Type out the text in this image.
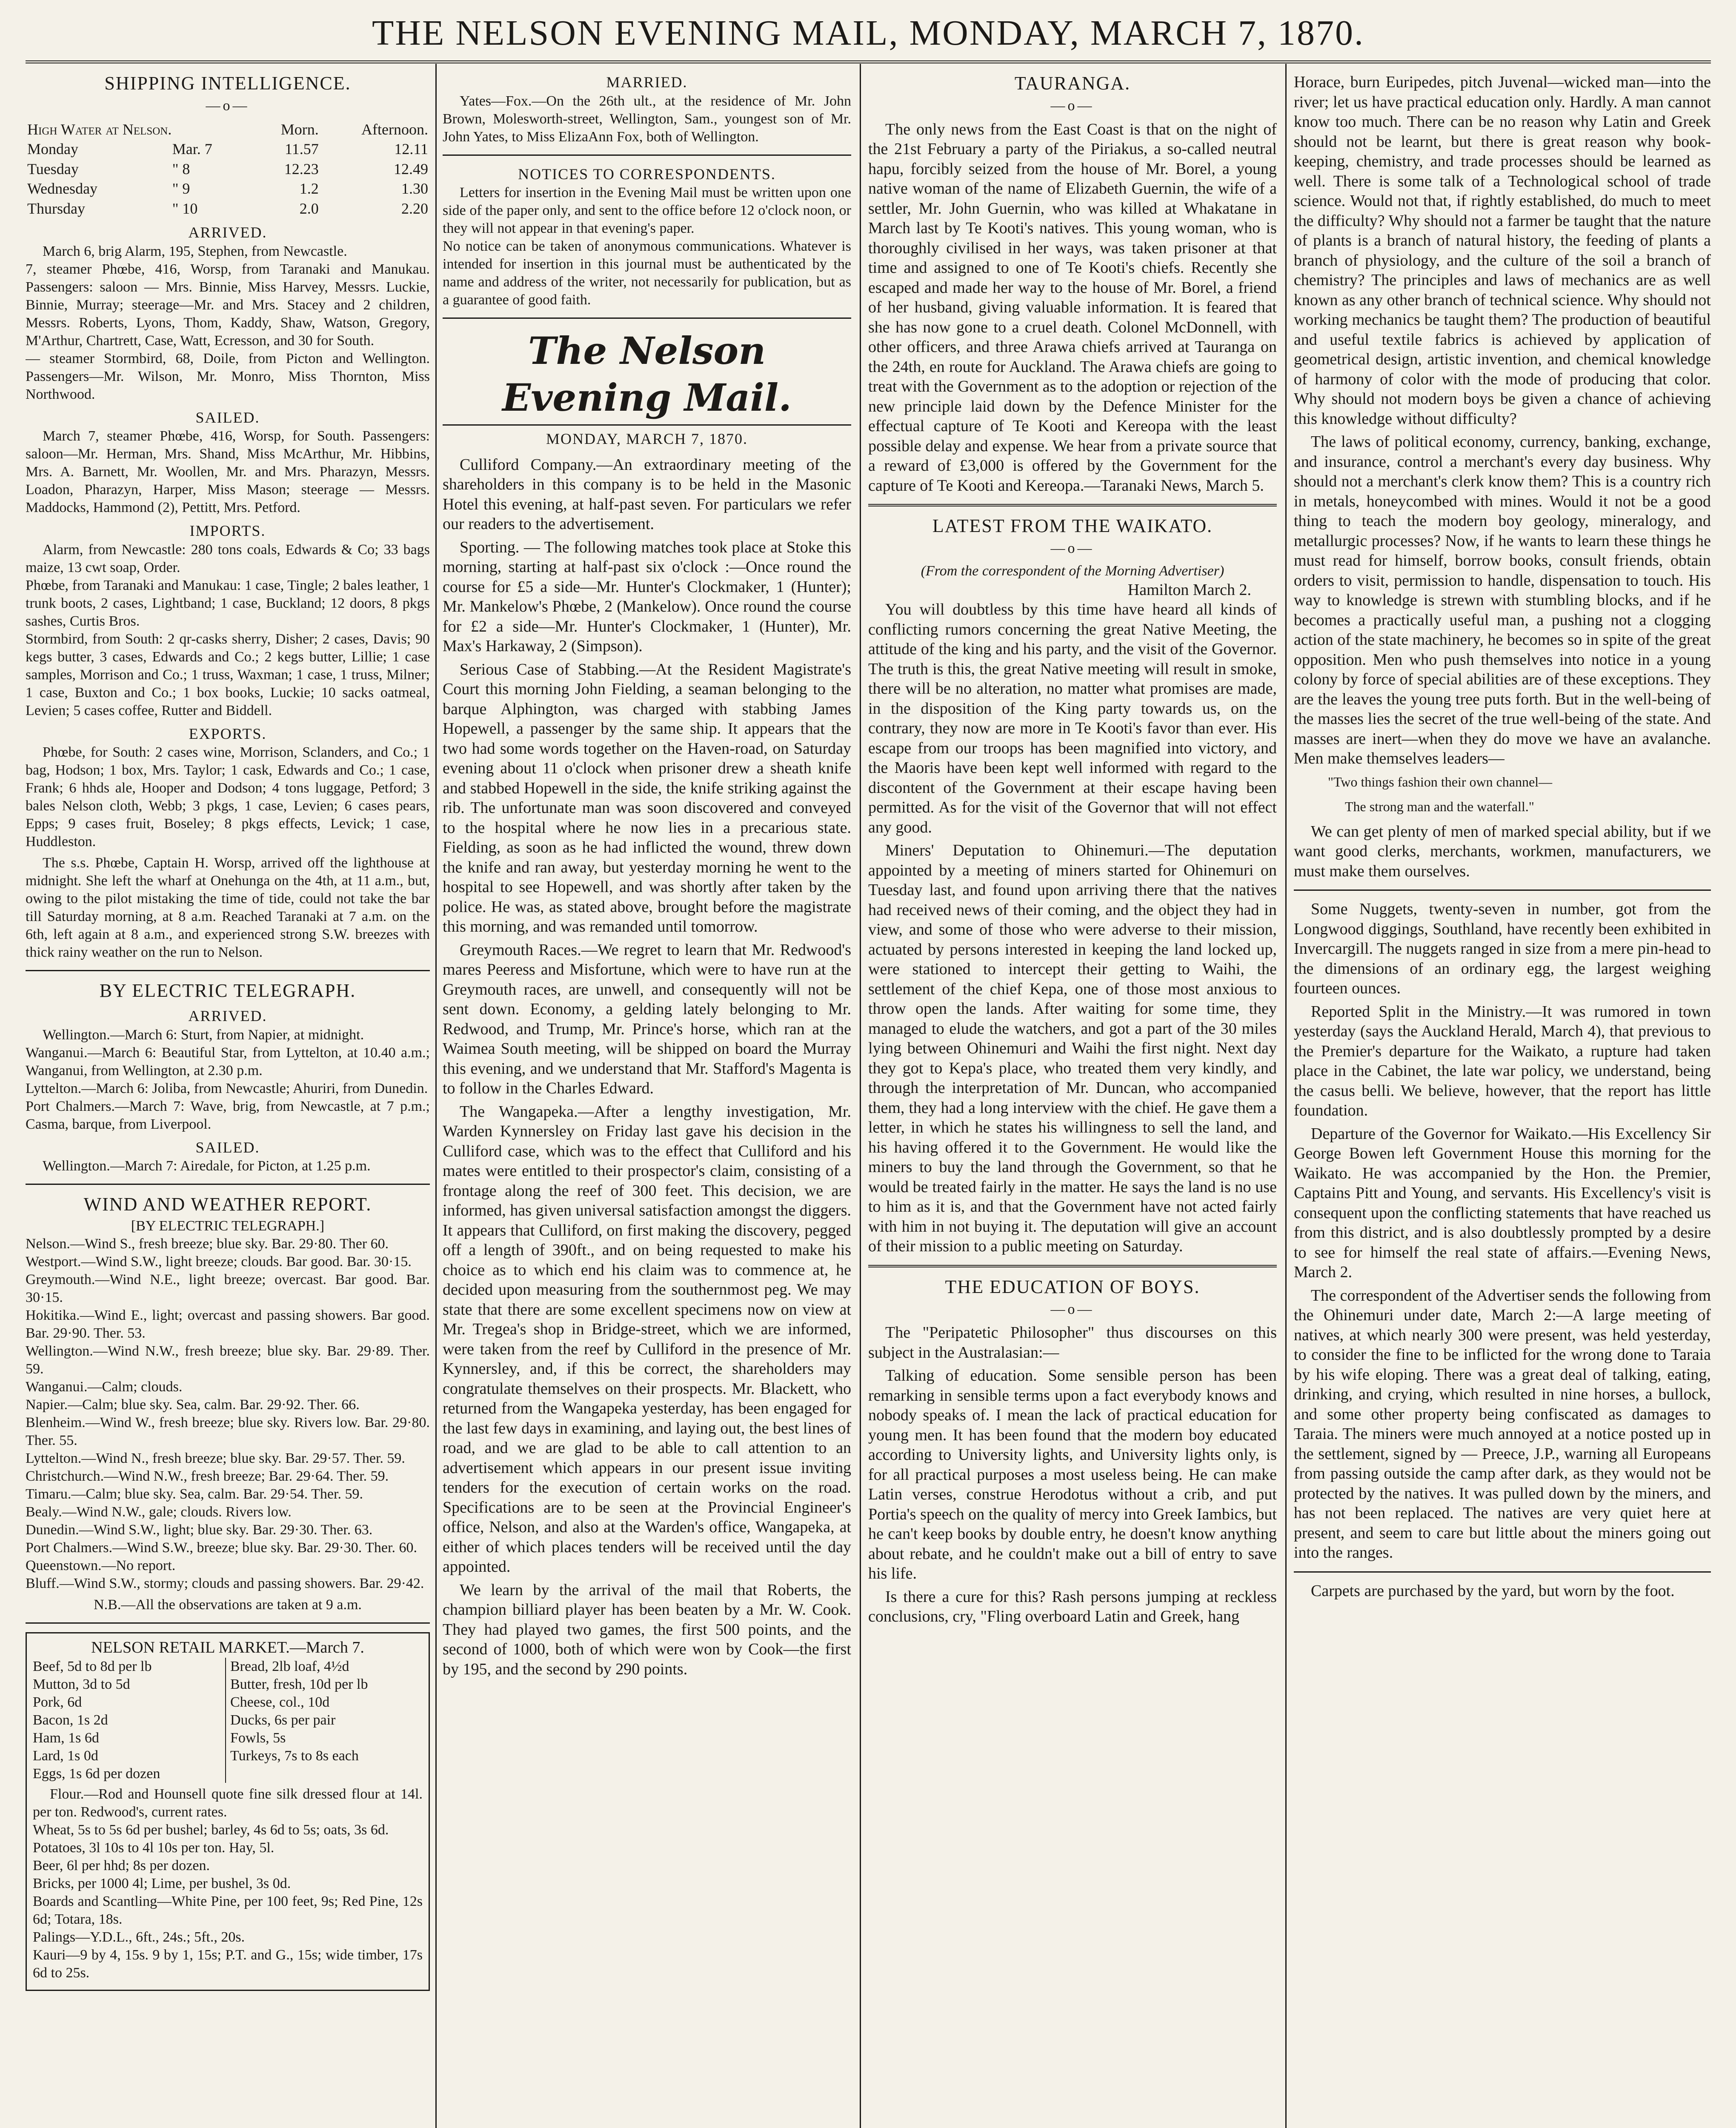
THE NELSON EVENING MAIL, MONDAY, MARCH 7, 1870.
SHIPPING INTELLIGENCE.
—o—
High Water at Nelson.		Morn.	Afternoon.
Monday	Mar. 7	11.57	12.11
Tuesday	" 8	12.23	12.49
Wednesday	" 9	1.2	1.30
Thursday	" 10	2.0	2.20
ARRIVED.

March 6, brig Alarm, 195, Stephen, from Newcastle.
7, steamer Phœbe, 416, Worsp, from Taranaki and Manukau. Passengers: saloon — Mrs. Binnie, Miss Harvey, Messrs. Luckie, Binnie, Murray; steerage—Mr. and Mrs. Stacey and 2 children, Messrs. Roberts, Lyons, Thom, Kaddy, Shaw, Watson, Gregory, M'Arthur, Chartrett, Case, Watt, Ecresson, and 30 for South.
— steamer Stormbird, 68, Doile, from Picton and Wellington. Passengers—Mr. Wilson, Mr. Monro, Miss Thornton, Miss Northwood.

SAILED.

March 7, steamer Phœbe, 416, Worsp, for South. Passengers: saloon—Mr. Herman, Mrs. Shand, Miss McArthur, Mr. Hibbins, Mrs. A. Barnett, Mr. Woollen, Mr. and Mrs. Pharazyn, Messrs. Loadon, Pharazyn, Harper, Miss Mason; steerage — Messrs. Maddocks, Hammond (2), Pettitt, Mrs. Petford.

IMPORTS.

Alarm, from Newcastle: 280 tons coals, Edwards & Co; 33 bags maize, 13 cwt soap, Order.
Phœbe, from Taranaki and Manukau: 1 case, Tingle; 2 bales leather, 1 trunk boots, 2 cases, Lightband; 1 case, Buckland; 12 doors, 8 pkgs sashes, Curtis Bros.
Stormbird, from South: 2 qr-casks sherry, Disher; 2 cases, Davis; 90 kegs butter, 3 cases, Edwards and Co.; 2 kegs butter, Lillie; 1 case samples, Morrison and Co.; 1 truss, Waxman; 1 case, 1 truss, Milner; 1 case, Buxton and Co.; 1 box books, Luckie; 10 sacks oatmeal, Levien; 5 cases coffee, Rutter and Biddell.

EXPORTS.

Phœbe, for South: 2 cases wine, Morrison, Sclanders, and Co.; 1 bag, Hodson; 1 box, Mrs. Taylor; 1 cask, Edwards and Co.; 1 case, Frank; 6 hhds ale, Hooper and Dodson; 4 tons luggage, Petford; 3 bales Nelson cloth, Webb; 3 pkgs, 1 case, Levien; 6 cases pears, Epps; 9 cases fruit, Boseley; 8 pkgs effects, Levick; 1 case, Huddleston.

The s.s. Phœbe, Captain H. Worsp, arrived off the lighthouse at midnight. She left the wharf at Onehunga on the 4th, at 11 a.m., but, owing to the pilot mistaking the time of tide, could not take the bar till Saturday morning, at 8 a.m. Reached Taranaki at 7 a.m. on the 6th, left again at 8 a.m., and experienced strong S.W. breezes with thick rainy weather on the run to Nelson.

BY ELECTRIC TELEGRAPH.
ARRIVED.

Wellington.—March 6: Sturt, from Napier, at midnight.
Wanganui.—March 6: Beautiful Star, from Lyttelton, at 10.40 a.m.; Wanganui, from Wellington, at 2.30 p.m.
Lyttelton.—March 6: Joliba, from Newcastle; Ahuriri, from Dunedin.
Port Chalmers.—March 7: Wave, brig, from Newcastle, at 7 p.m.; Casma, barque, from Liverpool.

SAILED.

Wellington.—March 7: Airedale, for Picton, at 1.25 p.m.

WIND AND WEATHER REPORT.
[BY ELECTRIC TELEGRAPH.]

Nelson.—Wind S., fresh breeze; blue sky. Bar. 29·80. Ther 60.
Westport.—Wind S.W., light breeze; clouds. Bar good. Bar. 30·15.
Greymouth.—Wind N.E., light breeze; overcast. Bar good. Bar. 30·15.
Hokitika.—Wind E., light; overcast and passing showers. Bar good. Bar. 29·90. Ther. 53.
Wellington.—Wind N.W., fresh breeze; blue sky. Bar. 29·89. Ther. 59.
Wanganui.—Calm; clouds.
Napier.—Calm; blue sky. Sea, calm. Bar. 29·92. Ther. 66.
Blenheim.—Wind W., fresh breeze; blue sky. Rivers low. Bar. 29·80. Ther. 55.
Lyttelton.—Wind N., fresh breeze; blue sky. Bar. 29·57. Ther. 59.
Christchurch.—Wind N.W., fresh breeze; Bar. 29·64. Ther. 59.
Timaru.—Calm; blue sky. Sea, calm. Bar. 29·54. Ther. 59.
Bealy.—Wind N.W., gale; clouds. Rivers low.
Dunedin.—Wind S.W., light; blue sky. Bar. 29·30. Ther. 63.
Port Chalmers.—Wind S.W., breeze; blue sky. Bar. 29·30. Ther. 60.
Queenstown.—No report.
Bluff.—Wind S.W., stormy; clouds and passing showers. Bar. 29·42.

N.B.—All the observations are taken at 9 a.m.
NELSON RETAIL MARKET.—March 7.
Beef, 5d to 8d per lb	Bread, 2lb loaf, 4½d
Mutton, 3d to 5d	Butter, fresh, 10d per lb
Pork, 6d	Cheese, col., 10d
Bacon, 1s 2d	Ducks, 6s per pair
Ham, 1s 6d	Fowls, 5s
Lard, 1s 0d	Turkeys, 7s to 8s each
Eggs, 1s 6d per dozen

Flour.—Rod and Hounsell quote fine silk dressed flour at 14l. per ton. Redwood's, current rates.
Wheat, 5s to 5s 6d per bushel; barley, 4s 6d to 5s; oats, 3s 6d.
Potatoes, 3l 10s to 4l 10s per ton. Hay, 5l.
Beer, 6l per hhd; 8s per dozen.
Bricks, per 1000 4l; Lime, per bushel, 3s 0d.
Boards and Scantling—White Pine, per 100 feet, 9s; Red Pine, 12s 6d; Totara, 18s.
Palings—Y.D.L., 6ft., 24s.; 5ft., 20s.
Kauri—9 by 4, 15s. 9 by 1, 15s; P.T. and G., 15s; wide timber, 17s 6d to 25s.

MARRIED.

Yates—Fox.—On the 26th ult., at the residence of Mr. John Brown, Molesworth-street, Wellington, Sam., youngest son of Mr. John Yates, to Miss ElizaAnn Fox, both of Wellington.

NOTICES TO CORRESPONDENTS.

Letters for insertion in the Evening Mail must be written upon one side of the paper only, and sent to the office before 12 o'clock noon, or they will not appear in that evening's paper.
No notice can be taken of anonymous communications. Whatever is intended for insertion in this journal must be authenticated by the name and address of the writer, not necessarily for publication, but as a guarantee of good faith.

The Nelson Evening Mail.
MONDAY, MARCH 7, 1870.

Culliford Company.—An extraordinary meeting of the shareholders in this company is to be held in the Masonic Hotel this evening, at half-past seven. For particulars we refer our readers to the advertisement.

Sporting. — The following matches took place at Stoke this morning, starting at half-past six o'clock :—Once round the course for £5 a side—Mr. Hunter's Clockmaker, 1 (Hunter); Mr. Mankelow's Phœbe, 2 (Mankelow). Once round the course for £2 a side—Mr. Hunter's Clockmaker, 1 (Hunter), Mr. Max's Harkaway, 2 (Simpson).

Serious Case of Stabbing.—At the Resident Magistrate's Court this morning John Fielding, a seaman belonging to the barque Alphington, was charged with stabbing James Hopewell, a passenger by the same ship. It appears that the two had some words together on the Haven-road, on Saturday evening about 11 o'clock when prisoner drew a sheath knife and stabbed Hopewell in the side, the knife striking against the rib. The unfortunate man was soon discovered and conveyed to the hospital where he now lies in a precarious state. Fielding, as soon as he had inflicted the wound, threw down the knife and ran away, but yesterday morning he went to the hospital to see Hopewell, and was shortly after taken by the police. He was, as stated above, brought before the magistrate this morning, and was remanded until tomorrow.

Greymouth Races.—We regret to learn that Mr. Redwood's mares Peeress and Misfortune, which were to have run at the Greymouth races, are unwell, and consequently will not be sent down. Economy, a gelding lately belonging to Mr. Redwood, and Trump, Mr. Prince's horse, which ran at the Waimea South meeting, will be shipped on board the Murray this evening, and we understand that Mr. Stafford's Magenta is to follow in the Charles Edward.

The Wangapeka.—After a lengthy investigation, Mr. Warden Kynnersley on Friday last gave his decision in the Culliford case, which was to the effect that Culliford and his mates were entitled to their prospector's claim, consisting of a frontage along the reef of 300 feet. This decision, we are informed, has given universal satisfaction amongst the diggers. It appears that Culliford, on first making the discovery, pegged off a length of 390ft., and on being requested to make his choice as to which end his claim was to commence at, he decided upon measuring from the southernmost peg. We may state that there are some excellent specimens now on view at Mr. Tregea's shop in Bridge-street, which we are informed, were taken from the reef by Culliford in the presence of Mr. Kynnersley, and, if this be correct, the shareholders may congratulate themselves on their prospects. Mr. Blackett, who returned from the Wangapeka yesterday, has been engaged for the last few days in examining, and laying out, the best lines of road, and we are glad to be able to call attention to an advertisement which appears in our present issue inviting tenders for the execution of certain works on the road. Specifications are to be seen at the Provincial Engineer's office, Nelson, and also at the Warden's office, Wangapeka, at either of which places tenders will be received until the day appointed.

We learn by the arrival of the mail that Roberts, the champion billiard player has been beaten by a Mr. W. Cook. They had played two games, the first 500 points, and the second of 1000, both of which were won by Cook—the first by 195, and the second by 290 points.

TAURANGA.
—o—

The only news from the East Coast is that on the night of the 21st February a party of the Piriakus, a so-called neutral hapu, forcibly seized from the house of Mr. Borel, a young native woman of the name of Elizabeth Guernin, the wife of a settler, Mr. John Guernin, who was killed at Whakatane in March last by Te Kooti's natives. This young woman, who is thoroughly civilised in her ways, was taken prisoner at that time and assigned to one of Te Kooti's chiefs. Recently she escaped and made her way to the house of Mr. Borel, a friend of her husband, giving valuable information. It is feared that she has now gone to a cruel death. Colonel McDonnell, with other officers, and three Arawa chiefs arrived at Tauranga on the 24th, en route for Auckland. The Arawa chiefs are going to treat with the Government as to the adoption or rejection of the new principle laid down by the Defence Minister for the effectual capture of Te Kooti and Kereopa with the least possible delay and expense. We hear from a private source that a reward of £3,000 is offered by the Government for the capture of Te Kooti and Kereopa.—Taranaki News, March 5.

LATEST FROM THE WAIKATO.
—o—
(From the correspondent of the Morning Advertiser)
Hamilton March 2.

You will doubtless by this time have heard all kinds of conflicting rumors concerning the great Native Meeting, the attitude of the king and his party, and the visit of the Governor. The truth is this, the great Native meeting will result in smoke, there will be no alteration, no matter what promises are made, in the disposition of the King party towards us, on the contrary, they now are more in Te Kooti's favor than ever. His escape from our troops has been magnified into victory, and the Maoris have been kept well informed with regard to the discontent of the Government at their escape having been permitted. As for the visit of the Governor that will not effect any good.

Miners' Deputation to Ohinemuri.—The deputation appointed by a meeting of miners started for Ohinemuri on Tuesday last, and found upon arriving there that the natives had received news of their coming, and the object they had in view, and some of those who were adverse to their mission, actuated by persons interested in keeping the land locked up, were stationed to intercept their getting to Waihi, the settlement of the chief Kepa, one of those most anxious to throw open the lands. After waiting for some time, they managed to elude the watchers, and got a part of the 30 miles lying between Ohinemuri and Waihi the first night. Next day they got to Kepa's place, who treated them very kindly, and through the interpretation of Mr. Duncan, who accompanied them, they had a long interview with the chief. He gave them a letter, in which he states his willingness to sell the land, and his having offered it to the Government. He would like the miners to buy the land through the Government, so that he would be treated fairly in the matter. He says the land is no use to him as it is, and that the Government have not acted fairly with him in not buying it. The deputation will give an account of their mission to a public meeting on Saturday.

THE EDUCATION OF BOYS.
—o—

The "Peripatetic Philosopher" thus discourses on this subject in the Australasian:—

Talking of education. Some sensible person has been remarking in sensible terms upon a fact everybody knows and nobody speaks of. I mean the lack of practical education for young men. It has been found that the modern boy educated according to University lights, and University lights only, is for all practical purposes a most useless being. He can make Latin verses, construe Herodotus without a crib, and put Portia's speech on the quality of mercy into Greek Iambics, but he can't keep books by double entry, he doesn't know anything about rebate, and he couldn't make out a bill of entry to save his life.

Is there a cure for this? Rash persons jumping at reckless conclusions, cry, "Fling overboard Latin and Greek, hang

Horace, burn Euripedes, pitch Juvenal—wicked man—into the river; let us have practical education only. Hardly. A man cannot know too much. There can be no reason why Latin and Greek should not be learnt, but there is great reason why book-keeping, chemistry, and trade processes should be learned as well. There is some talk of a Technological school of trade science. Would not that, if rightly established, do much to meet the difficulty? Why should not a farmer be taught that the nature of plants is a branch of natural history, the feeding of plants a branch of physiology, and the culture of the soil a branch of chemistry? The principles and laws of mechanics are as well known as any other branch of technical science. Why should not working mechanics be taught them? The production of beautiful and useful textile fabrics is achieved by application of geometrical design, artistic invention, and chemical knowledge of harmony of color with the mode of producing that color. Why should not modern boys be given a chance of achieving this knowledge without difficulty?

The laws of political economy, currency, banking, exchange, and insurance, control a merchant's every day business. Why should not a merchant's clerk know them? This is a country rich in metals, honeycombed with mines. Would it not be a good thing to teach the modern boy geology, mineralogy, and metallurgic processes? Now, if he wants to learn these things he must read for himself, borrow books, consult friends, obtain orders to visit, permission to handle, dispensation to touch. His way to knowledge is strewn with stumbling blocks, and if he becomes a practically useful man, a pushing not a clogging action of the state machinery, he becomes so in spite of the great opposition. Men who push themselves into notice in a young colony by force of special abilities are of these exceptions. They are the leaves the young tree puts forth. But in the well-being of the masses lies the secret of the true well-being of the state. And masses are inert—when they do move we have an avalanche. Men make themselves leaders—

"Two things fashion their own channel—

The strong man and the waterfall."

We can get plenty of men of marked special ability, but if we want good clerks, merchants, workmen, manufacturers, we must make them ourselves.

Some Nuggets, twenty-seven in number, got from the Longwood diggings, Southland, have recently been exhibited in Invercargill. The nuggets ranged in size from a mere pin-head to the dimensions of an ordinary egg, the largest weighing fourteen ounces.

Reported Split in the Ministry.—It was rumored in town yesterday (says the Auckland Herald, March 4), that previous to the Premier's departure for the Waikato, a rupture had taken place in the Cabinet, the late war policy, we understand, being the casus belli. We believe, however, that the report has little foundation.

Departure of the Governor for Waikato.—His Excellency Sir George Bowen left Government House this morning for the Waikato. He was accompanied by the Hon. the Premier, Captains Pitt and Young, and servants. His Excellency's visit is consequent upon the conflicting statements that have reached us from this district, and is also doubtlessly prompted by a desire to see for himself the real state of affairs.—Evening News, March 2.

The correspondent of the Advertiser sends the following from the Ohinemuri under date, March 2:—A large meeting of natives, at which nearly 300 were present, was held yesterday, to consider the fine to be inflicted for the wrong done to Taraia by his wife eloping. There was a great deal of talking, eating, drinking, and crying, which resulted in nine horses, a bullock, and some other property being confiscated as damages to Taraia. The miners were much annoyed at a notice posted up in the settlement, signed by — Preece, J.P., warning all Europeans from passing outside the camp after dark, as they would not be protected by the natives. It was pulled down by the miners, and has not been replaced. The natives are very quiet here at present, and seem to care but little about the miners going out into the ranges.

Carpets are purchased by the yard, but worn by the foot.
